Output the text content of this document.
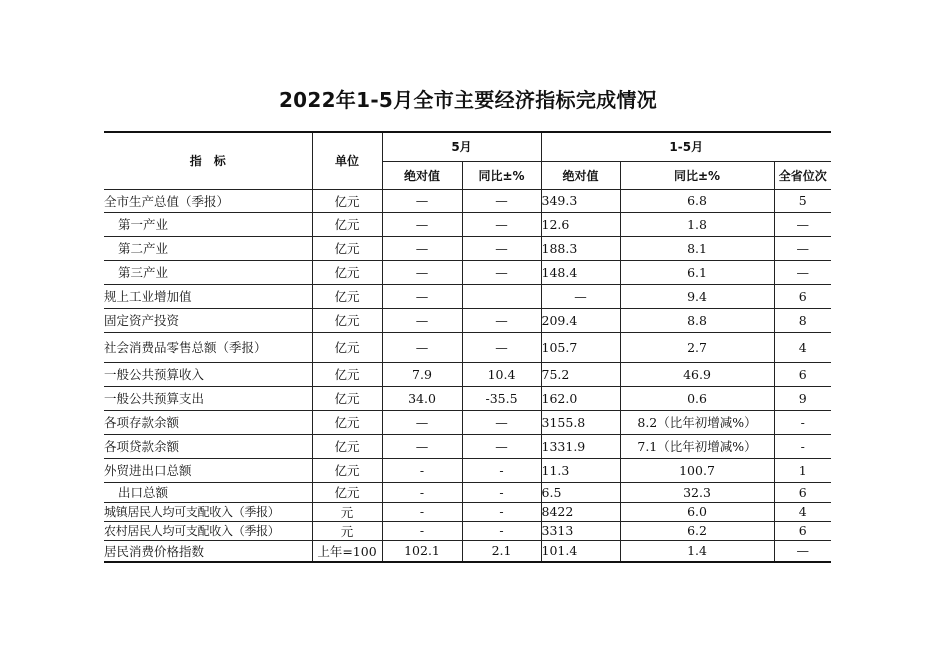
2022年1-5月全市主要经济指标完成情况
指　标	单位	5月		1-5月		
		绝对值	同比±%	绝对值	同比±%	全省位次
全市生产总值（季报）	亿元	—	—	349.3	6.8	5
第一产业	亿元	—	—	12.6	1.8	—
第二产业	亿元	—	—	188.3	8.1	—
第三产业	亿元	—	—	148.4	6.1	—
规上工业增加值	亿元	—		—	9.4	6
固定资产投资	亿元	—	—	209.4	8.8	8
社会消费品零售总额（季报）	亿元	—	—	105.7	2.7	4
一般公共预算收入	亿元	7.9	10.4	75.2	46.9	6
一般公共预算支出	亿元	34.0	-35.5	162.0	0.6	9
各项存款余额	亿元	—	—	3155.8	8.2（比年初增减%）	-
各项贷款余额	亿元	—	—	1331.9	7.1（比年初增减%）	-
外贸进出口总额	亿元	-	-	11.3	100.7	1
出口总额	亿元	-	-	6.5	32.3	6
城镇居民人均可支配收入（季报）	元	-	-	8422	6.0	4
农村居民人均可支配收入（季报）	元	-	-	3313	6.2	6
居民消费价格指数	上年=100	102.1	2.1	101.4	1.4	—
